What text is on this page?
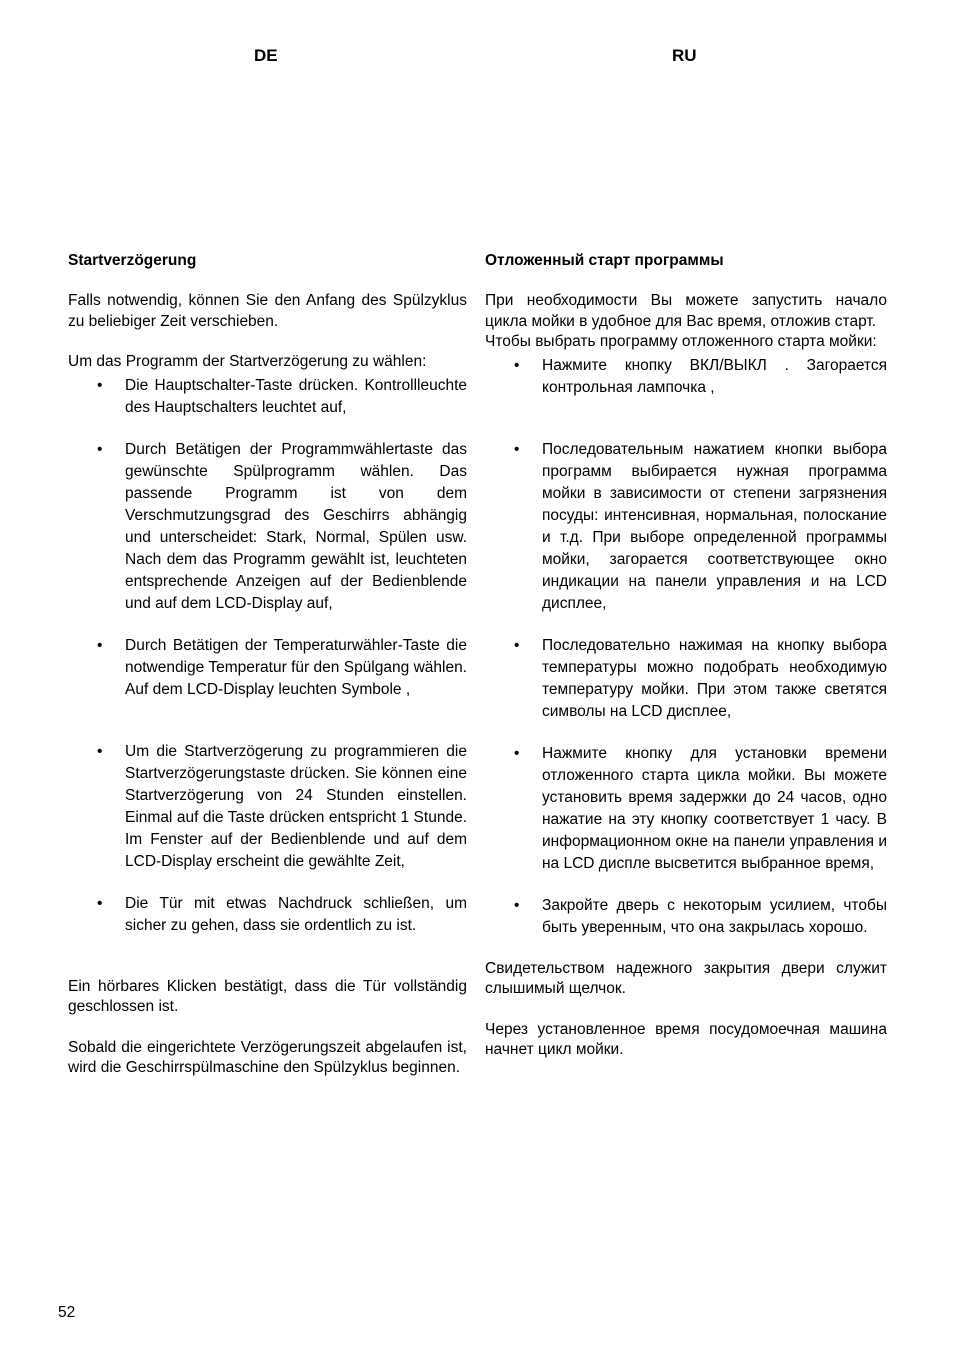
DE	RU

Startverzögerung

Falls notwendig, können Sie den Anfang des Spülzyklus zu beliebiger Zeit verschieben.

Um das Programm der Startverzögerung zu wählen:

• Die Hauptschalter-Taste drücken. Kontrollleuchte des Hauptschalters leuchtet auf,
• Durch Betätigen der Programmwählertaste das gewünschte Spülprogramm wählen. Das passende Programm ist von dem Verschmutzungsgrad des Geschirrs abhängig und unterscheidet: Stark, Normal, Spülen usw. Nach dem das Programm gewählt ist, leuchteten entsprechende Anzeigen auf der Bedienblende und auf dem LCD-Display auf,
• Durch Betätigen der Temperaturwähler-Taste die notwendige Temperatur für den Spülgang wählen. Auf dem LCD-Display leuchten Symbole ,
• Um die Startverzögerung zu programmieren die Startverzögerungstaste drücken. Sie können eine Startverzögerung von 24 Stunden einstellen. Einmal auf die Taste drücken entspricht 1 Stunde. Im Fenster auf der Bedienblende und auf dem LCD-Display erscheint die gewählte Zeit,
• Die Tür mit etwas Nachdruck schließen, um sicher zu gehen, dass sie ordentlich zu ist.

Ein hörbares Klicken bestätigt, dass die Tür vollständig geschlossen ist.

Sobald die eingerichtete Verzögerungszeit abgelaufen ist, wird die Geschirrspülmaschine den Spülzyklus beginnen.

Отложенный старт программы

При необходимости Вы можете запустить начало цикла мойки в удобное для Вас время, отложив старт.

Чтобы выбрать программу отложенного старта мойки:

• Нажмите кнопку ВКЛ/ВЫКЛ . Загорается контрольная лампочка ,
• Последовательным нажатием кнопки выбора программ выбирается нужная программа мойки в зависимости от степени загрязнения посуды: интенсивная, нормальная, полоскание и т.д. При выборе определенной программы мойки, загорается соответствующее окно индикации на панели управления и на LCD дисплее,
• Последовательно нажимая на кнопку выбора температуры можно подобрать необходимую температуру мойки. При этом также светятся символы на LCD дисплее,
• Нажмите кнопку для установки времени отложенного старта цикла мойки. Вы можете установить время задержки до 24 часов, одно нажатие на эту кнопку соответствует 1 часу. В информационном окне на панели управления и на LCD диспле высветится выбранное время,
• Закройте дверь с некоторым усилием, чтобы быть уверенным, что она закрылась хорошо.

Свидетельством надежного закрытия двери служит слышимый щелчок.

Через установленное время посудомоечная машина начнет цикл мойки.

52
